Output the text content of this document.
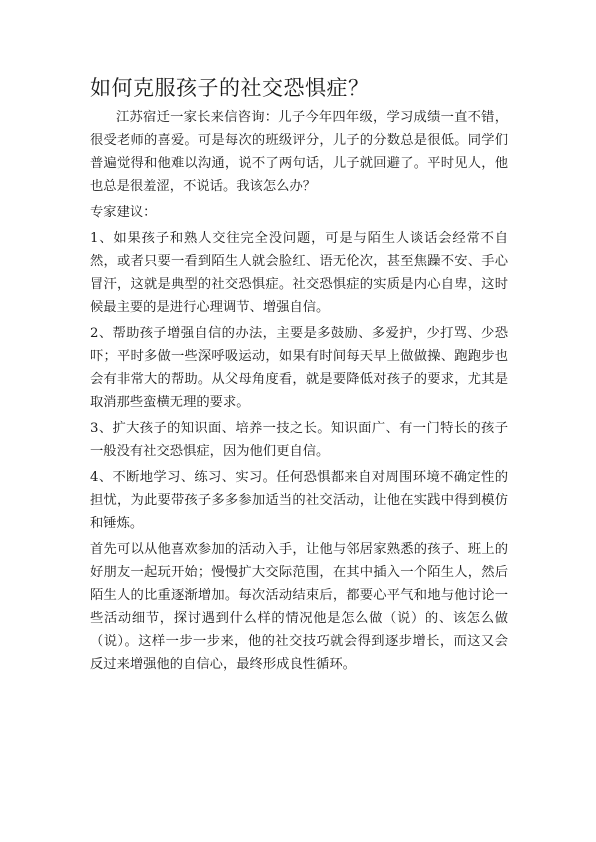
如何克服孩子的社交恐惧症？

江苏宿迁一家长来信咨询：儿子今年四年级，学习成绩一直不错，很受老师的喜爱。可是每次的班级评分，儿子的分数总是很低。同学们普遍觉得和他难以沟通，说不了两句话，儿子就回避了。平时见人，他也总是很羞涩，不说话。我该怎么办？

专家建议：

1、如果孩子和熟人交往完全没问题，可是与陌生人谈话会经常不自然，或者只要一看到陌生人就会脸红、语无伦次，甚至焦躁不安、手心冒汗，这就是典型的社交恐惧症。社交恐惧症的实质是内心自卑，这时候最主要的是进行心理调节、增强自信。

2、帮助孩子增强自信的办法，主要是多鼓励、多爱护，少打骂、少恐吓；平时多做一些深呼吸运动，如果有时间每天早上做做操、跑跑步也会有非常大的帮助。从父母角度看，就是要降低对孩子的要求，尤其是取消那些蛮横无理的要求。

3、扩大孩子的知识面、培养一技之长。知识面广、有一门特长的孩子一般没有社交恐惧症，因为他们更自信。

4、不断地学习、练习、实习。任何恐惧都来自对周围环境不确定性的担忧，为此要带孩子多多参加适当的社交活动，让他在实践中得到模仿和锤炼。

首先可以从他喜欢参加的活动入手，让他与邻居家熟悉的孩子、班上的好朋友一起玩开始；慢慢扩大交际范围，在其中插入一个陌生人，然后陌生人的比重逐渐增加。每次活动结束后，都要心平气和地与他讨论一些活动细节，探讨遇到什么样的情况他是怎么做（说）的、该怎么做（说）。这样一步一步来，他的社交技巧就会得到逐步增长，而这又会反过来增强他的自信心，最终形成良性循环。
